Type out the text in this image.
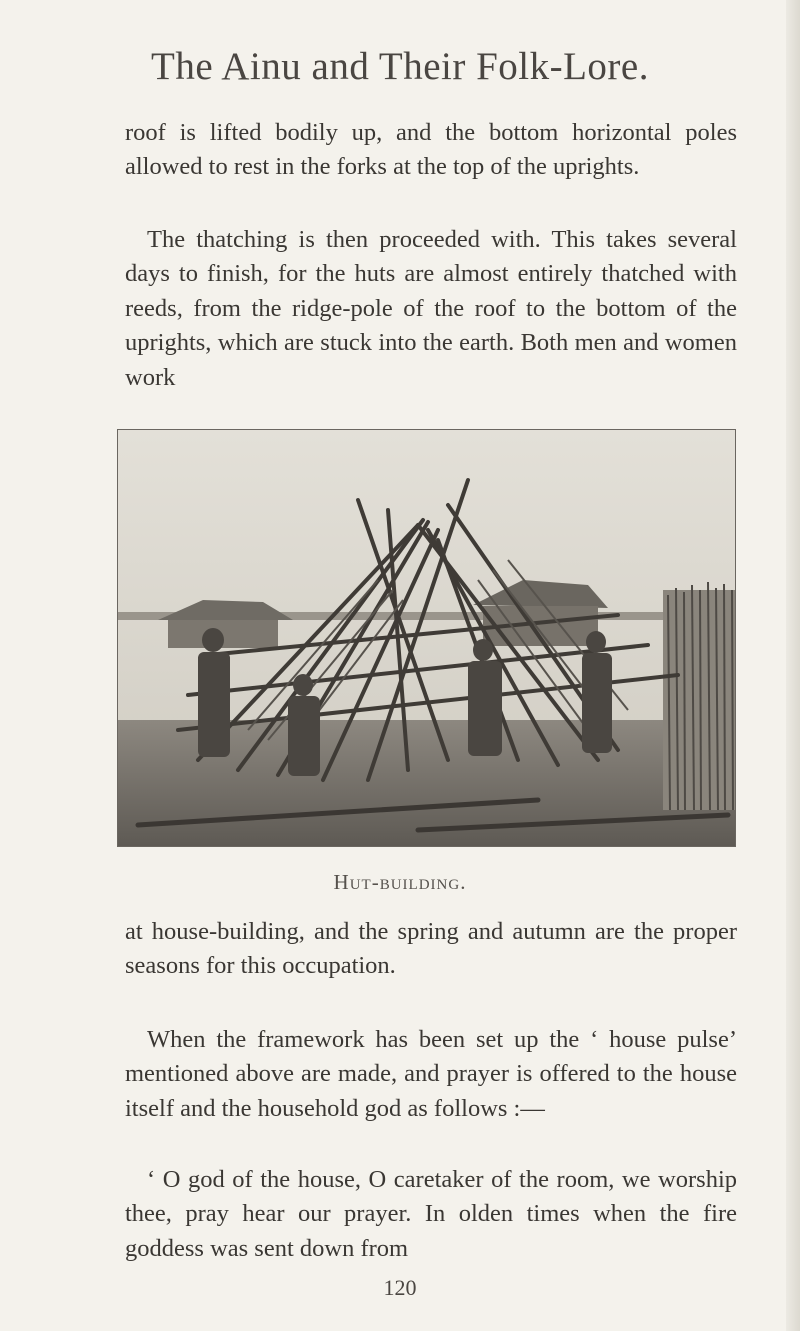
The Ainu and Their Folk-Lore.

roof is lifted bodily up, and the bottom horizontal poles allowed to rest in the forks at the top of the uprights.

The thatching is then proceeded with. This takes several days to finish, for the huts are almost entirely thatched with reeds, from the ridge-pole of the roof to the bottom of the uprights, which are stuck into the earth. Both men and women work

Hut-building.

at house-building, and the spring and autumn are the proper seasons for this occupation.

When the framework has been set up the ‘ house pulse’ mentioned above are made, and prayer is offered to the house itself and the household god as follows :—

‘ O god of the house, O caretaker of the room, we worship thee, pray hear our prayer. In olden times when the fire goddess was sent down from

120
